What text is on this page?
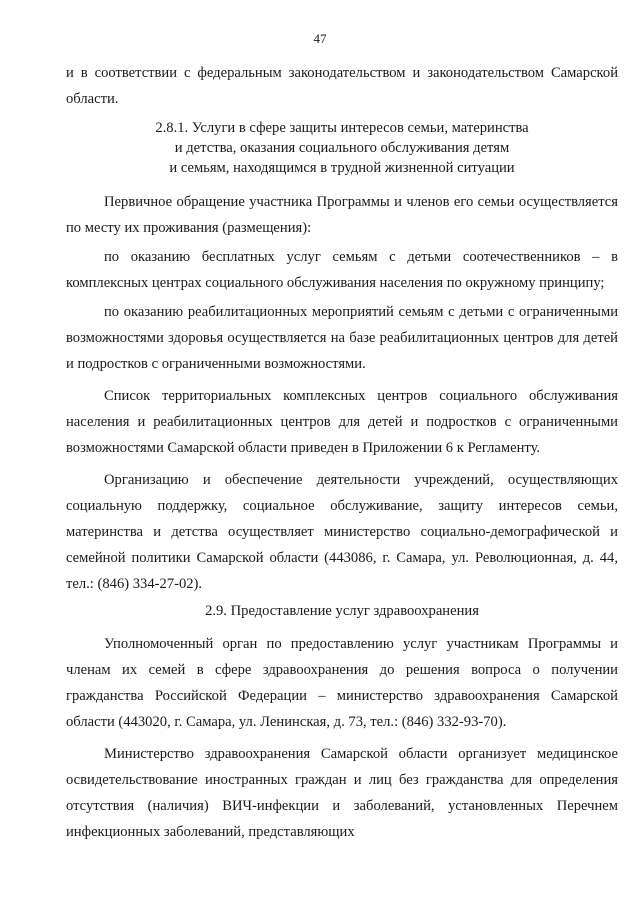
47

и в соответствии с федеральным законодательством и законодательством Самарской области.

2.8.1. Услуги в сфере защиты интересов семьи, материнства
и детства, оказания социального обслуживания детям
и семьям, находящимся в трудной жизненной ситуации

Первичное обращение участника Программы и членов его семьи осуществляется по месту их проживания (размещения):

по оказанию бесплатных услуг семьям с детьми соотечественников – в комплексных центрах социального обслуживания населения по окружному принципу;

по оказанию реабилитационных мероприятий семьям с детьми с ограниченными возможностями здоровья осуществляется на базе реабилитационных центров для детей и подростков с ограниченными возможностями.

Список территориальных комплексных центров социального обслуживания населения и реабилитационных центров для детей и подростков с ограниченными возможностями Самарской области приведен в Приложении 6 к Регламенту.

Организацию и обеспечение деятельности учреждений, осуществляющих социальную поддержку, социальное обслуживание, защиту интересов семьи, материнства и детства осуществляет министерство социально-демографической и семейной политики Самарской области (443086, г. Самара, ул. Революционная, д. 44, тел.: (846) 334-27-02).

2.9. Предоставление услуг здравоохранения

Уполномоченный орган по предоставлению услуг участникам Программы и членам их семей в сфере здравоохранения до решения вопроса о получении гражданства Российской Федерации – министерство здравоохранения Самарской области (443020, г. Самара, ул. Ленинская, д. 73, тел.: (846) 332-93-70).

Министерство здравоохранения Самарской области организует медицинское освидетельствование иностранных граждан и лиц без гражданства для определения отсутствия (наличия) ВИЧ-инфекции и заболеваний, установленных Перечнем инфекционных заболеваний, представляющих
